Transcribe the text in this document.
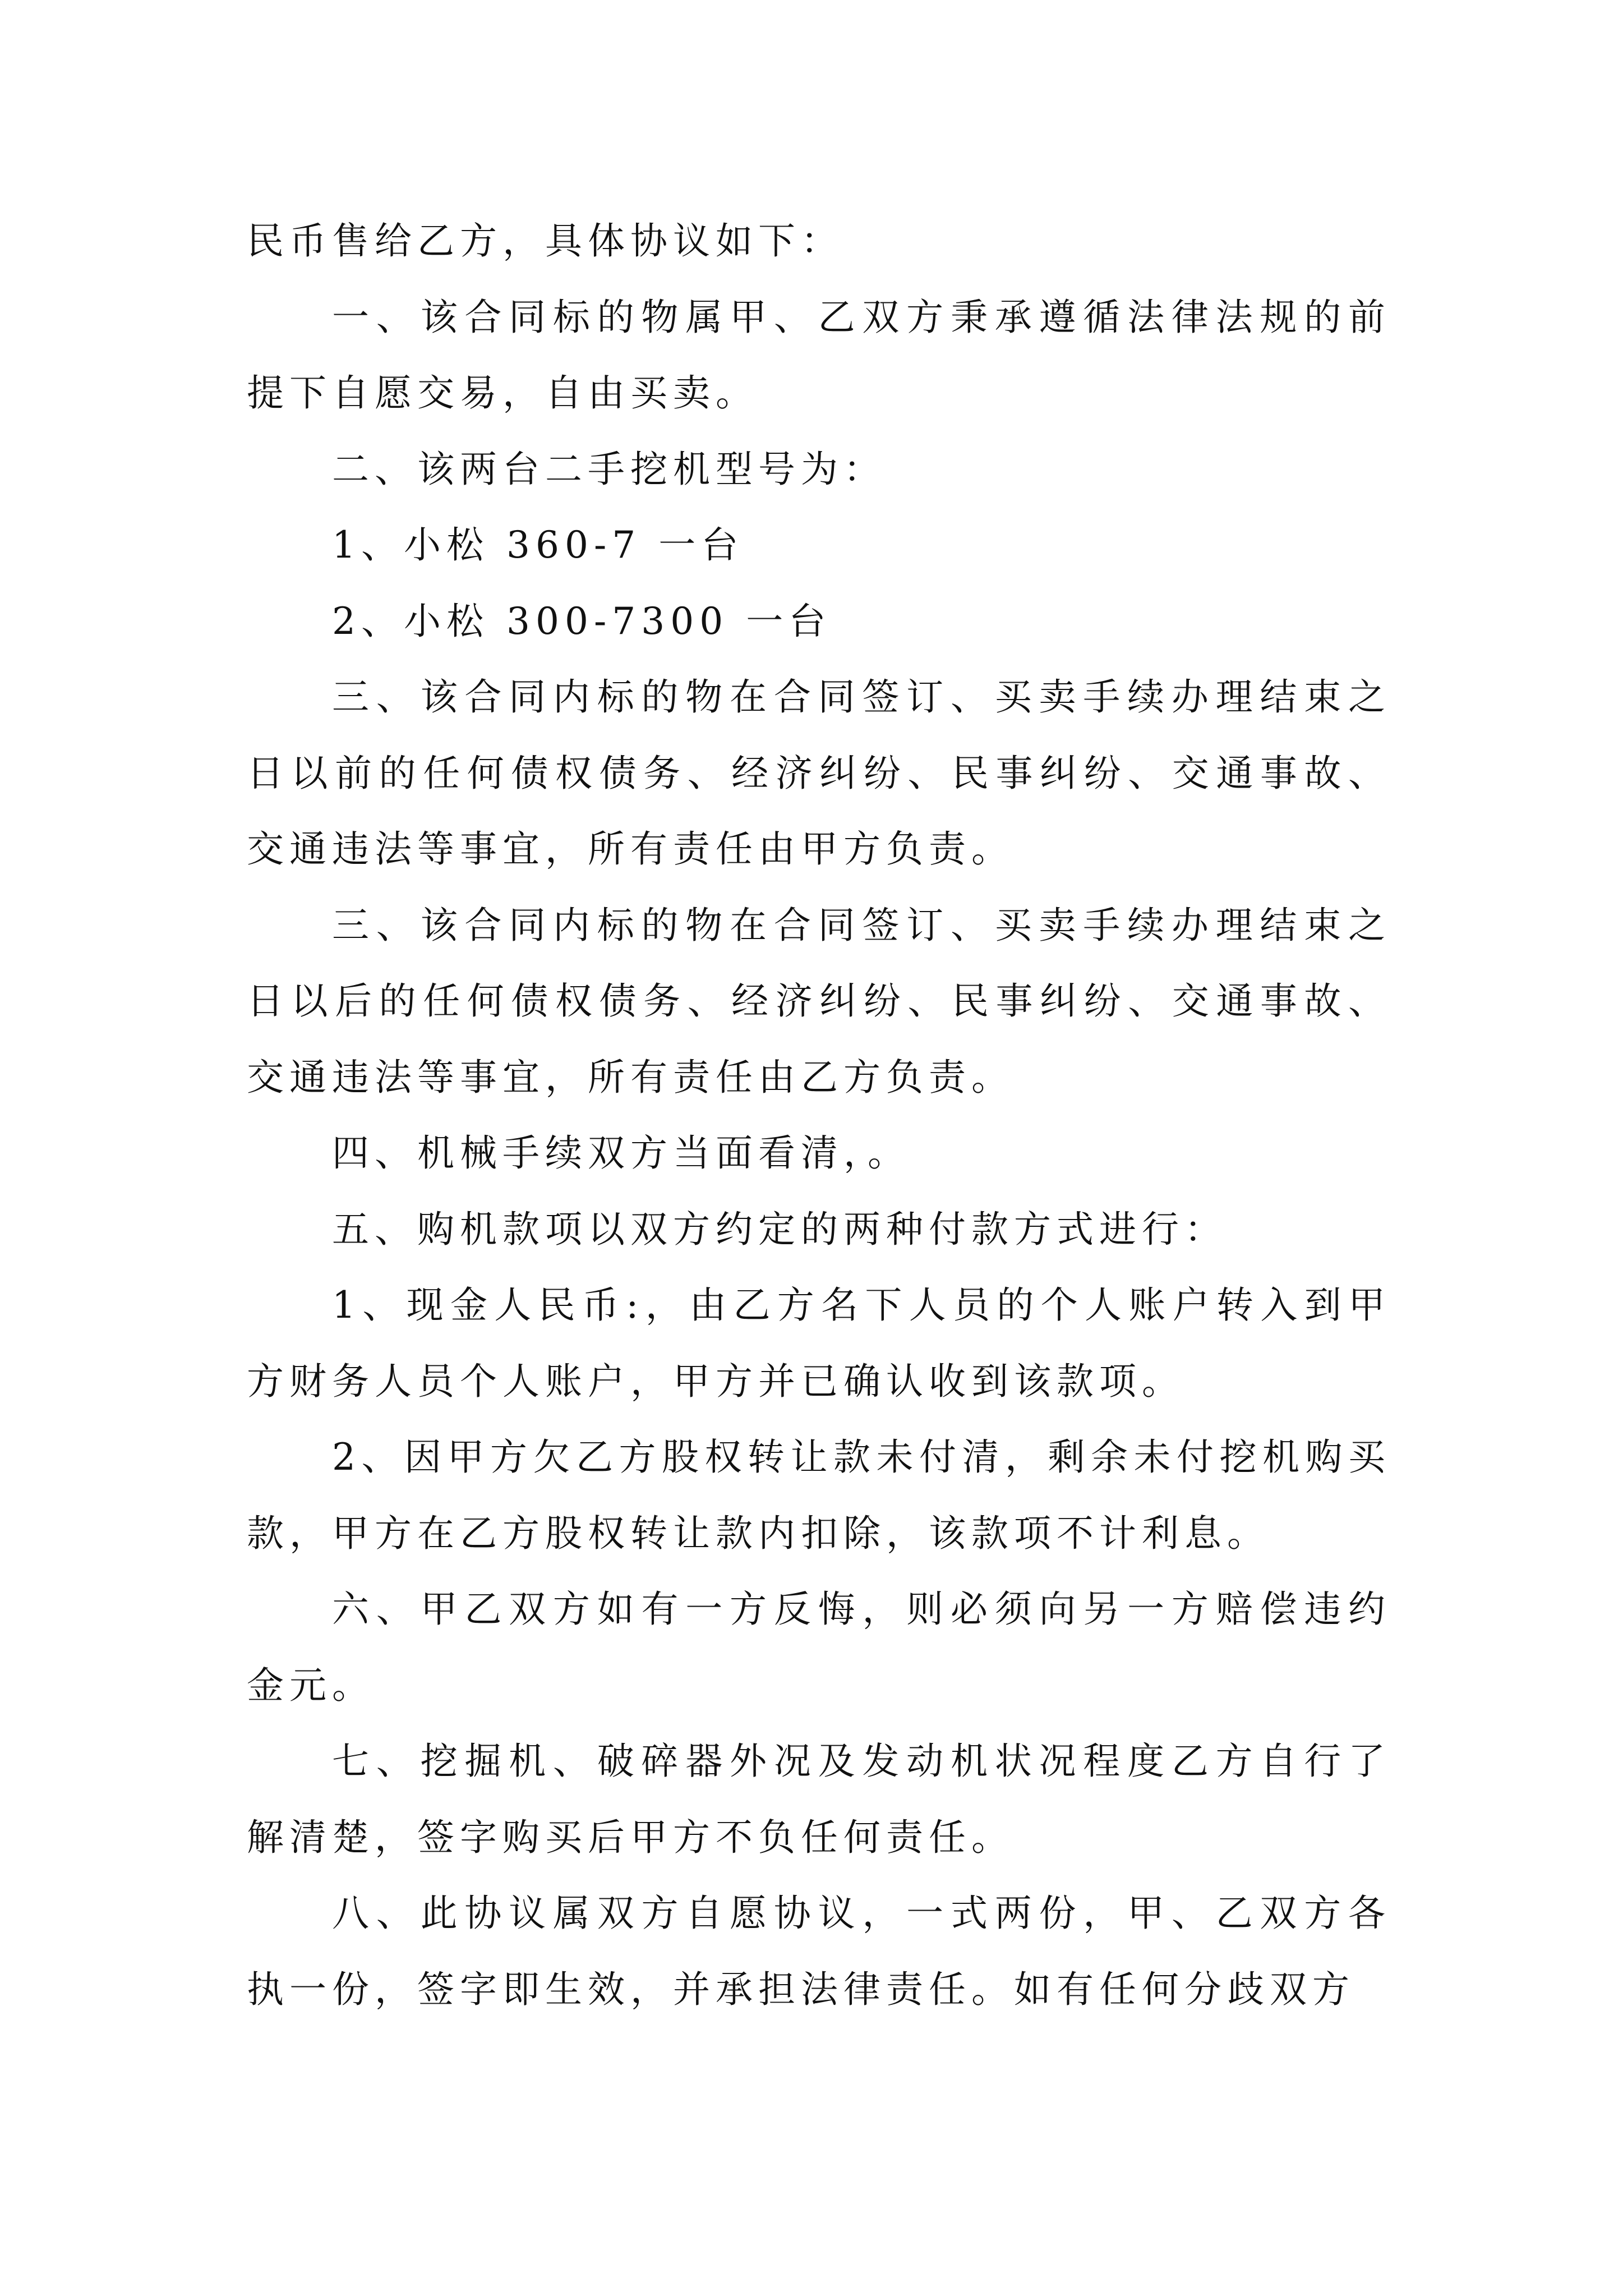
民币售给乙方，具体协议如下：

一、该合同标的物属甲、乙双方秉承遵循法律法规的前提下自愿交易，自由买卖。

二、该两台二手挖机型号为：

1、小松 360-7 一台

2、小松 300-7300 一台

三、该合同内标的物在合同签订、买卖手续办理结束之日以前的任何债权债务、经济纠纷、民事纠纷、交通事故、交通违法等事宜，所有责任由甲方负责。

三、该合同内标的物在合同签订、买卖手续办理结束之日以后的任何债权债务、经济纠纷、民事纠纷、交通事故、交通违法等事宜，所有责任由乙方负责。

四、机械手续双方当面看清，。

五、购机款项以双方约定的两种付款方式进行：

1、现金人民币:，由乙方名下人员的个人账户转入到甲方财务人员个人账户，甲方并已确认收到该款项。

2、因甲方欠乙方股权转让款未付清，剩余未付挖机购买款，甲方在乙方股权转让款内扣除，该款项不计利息。

六、甲乙双方如有一方反悔，则必须向另一方赔偿违约金元。

七、挖掘机、破碎器外况及发动机状况程度乙方自行了解清楚，签字购买后甲方不负任何责任。

八、此协议属双方自愿协议，一式两份，甲、乙双方各执一份，签字即生效，并承担法律责任。如有任何分歧双方
